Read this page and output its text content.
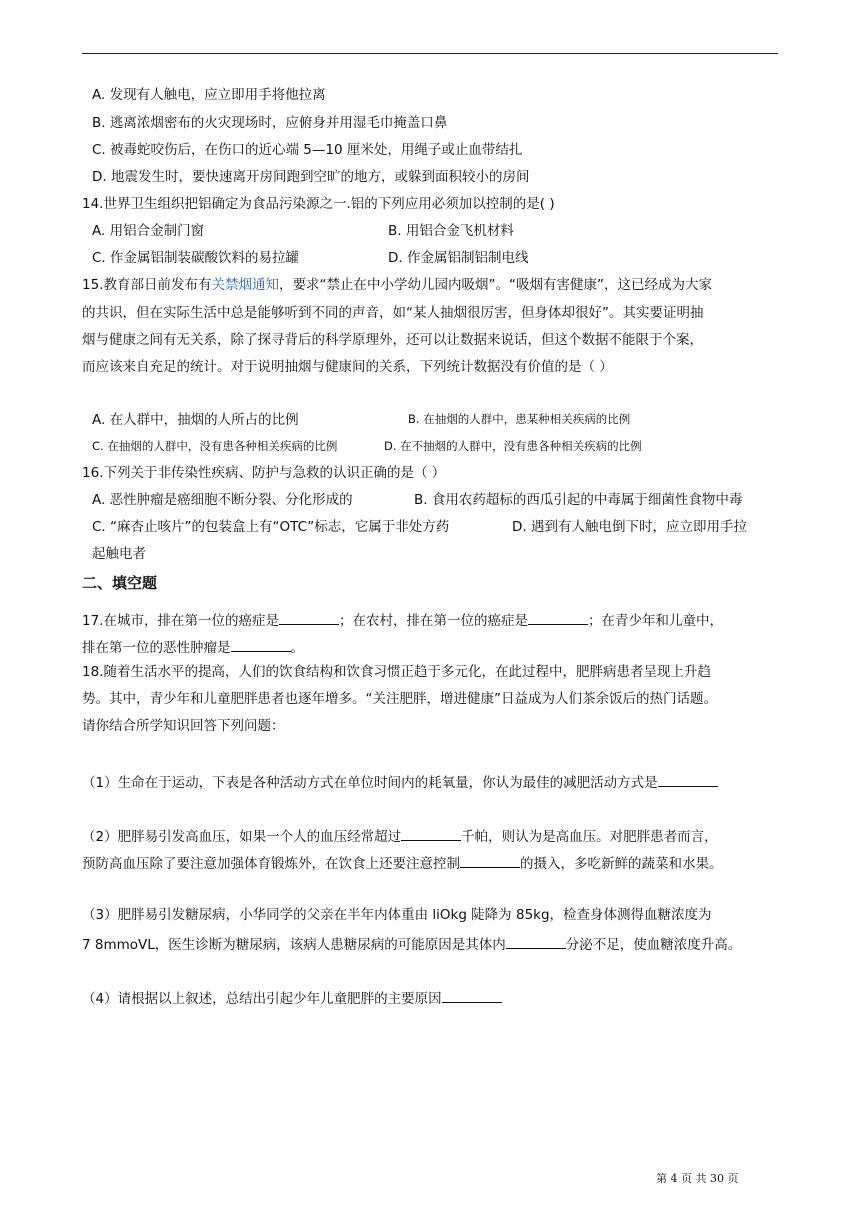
A. 发现有人触电，应立即用手将他拉离
B. 逃离浓烟密布的火灾现场时，应俯身并用湿毛巾掩盖口鼻
C. 被毒蛇咬伤后，在伤口的近心端 5—10 厘米处，用绳子或止血带结扎
D. 地震发生时，要快速离开房间跑到空旷的地方，或躲到面积较小的房间
14.世界卫生组织把铝确定为食品污染源之一.铝的下列应用必须加以控制的是( )
A. 用铝合金制门窗	B. 用铝合金飞机材料
C. 作金属铝制装碳酸饮料的易拉罐	D. 作金属铝制铝制电线
15.教育部日前发布有关禁烟通知，要求“禁止在中小学幼儿园内吸烟”。“吸烟有害健康”，这已经成为大家
的共识，但在实际生活中总是能够听到不同的声音，如“某人抽烟很厉害，但身体却很好”。其实要证明抽
烟与健康之间有无关系，除了探寻背后的科学原理外，还可以让数据来说话，但这个数据不能限于个案，
而应该来自充足的统计。对于说明抽烟与健康间的关系，下列统计数据没有价值的是（ ）
A. 在人群中，抽烟的人所占的比例	B. 在抽烟的人群中，患某种相关疾病的比例
C. 在抽烟的人群中，没有患各种相关疾病的比例	D. 在不抽烟的人群中，没有患各种相关疾病的比例
16.下列关于非传染性疾病、防护与急救的认识正确的是（ ）
A. 恶性肿瘤是癌细胞不断分裂、分化形成的	B. 食用农药超标的西瓜引起的中毒属于细菌性食物中毒
C. “麻杏止咳片”的包装盒上有“OTC”标志，它属于非处方药	D. 遇到有人触电倒下时，应立即用手拉
起触电者
二、填空题
17.在城市，排在第一位的癌症是	；在农村，排在第一位的癌症是	；在青少年和儿童中，
排在第一位的恶性肿瘤是	。
18.随着生活水平的提高，人们的饮食结构和饮食习惯正趋于多元化，在此过程中，肥胖病患者呈现上升趋
势。其中，青少年和儿童肥胖患者也逐年增多。“关注肥胖，增进健康”日益成为人们茶余饭后的热门话题。
请你结合所学知识回答下列问题：
（1）生命在于运动，下表是各种活动方式在单位时间内的耗氧量，你认为最佳的减肥活动方式是
（2）肥胖易引发高血压，如果一个人的血压经常超过	千帕，则认为是高血压。对肥胖患者而言，
预防高血压除了要注意加强体育锻炼外，在饮食上还要注意控制	的摄入，多吃新鲜的蔬菜和水果。
（3）肥胖易引发糖尿病，小华同学的父亲在半年内体重由 liOkg 陡降为 85kg，检查身体测得血糖浓度为
7 8mmoVL，医生诊断为糖尿病，该病人患糖尿病的可能原因是其体内	分泌不足，使血糖浓度升高。
（4）请根据以上叙述，总结出引起少年儿童肥胖的主要原因
第 4 页 共 30 页
